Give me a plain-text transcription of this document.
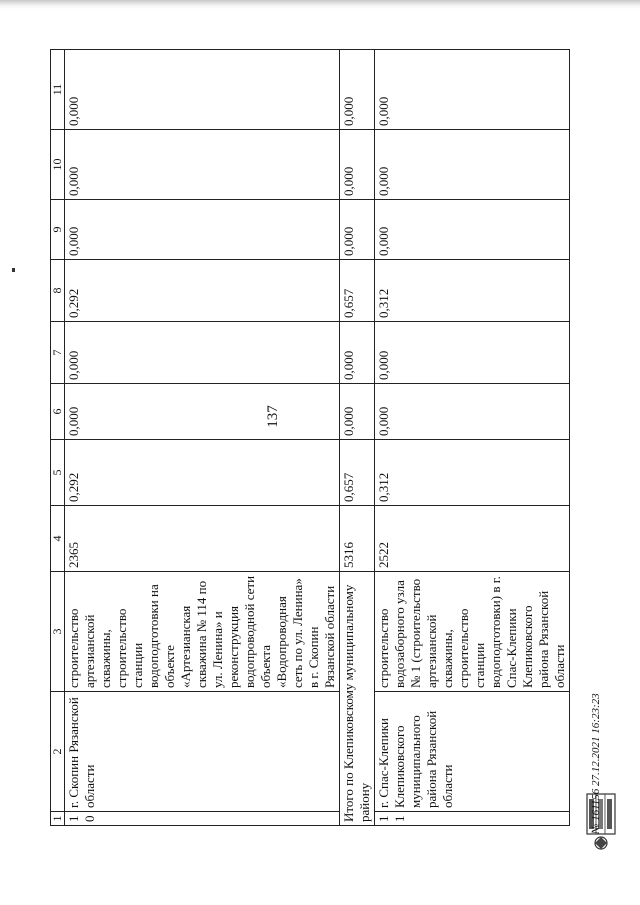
137
1	2	3	4	5	6	7	8	9	10	11
10	г. Скопин Рязанской области	строительство артезианской скважины, строительство станции водоподготовки на объекте «Артезианская скважина № 114 по ул. Ленина» и реконструкция водопроводной сети объекта «Водопроводная сеть по ул. Ленина» в г. Скопин Рязанской области	2365	0,292	0,000	0,000	0,292	0,000	0,000	0,000
Итого по Клепиковскому муниципальному району			5316	0,657	0,000	0,000	0,657	0,000	0,000	0,000
11	г. Спас-Клепики Клепиковского муниципального района Рязанской области	строительство водозаборного узла № 1 (строительство артезианской скважины, строительство станции водоподготовки) в г. Спас-Клепики Клепиковского района Рязанской области	2522	0,312	0,000	0,000	0,312	0,000	0,000	0,000
№ 161156 27.12.2021 16:23:23
